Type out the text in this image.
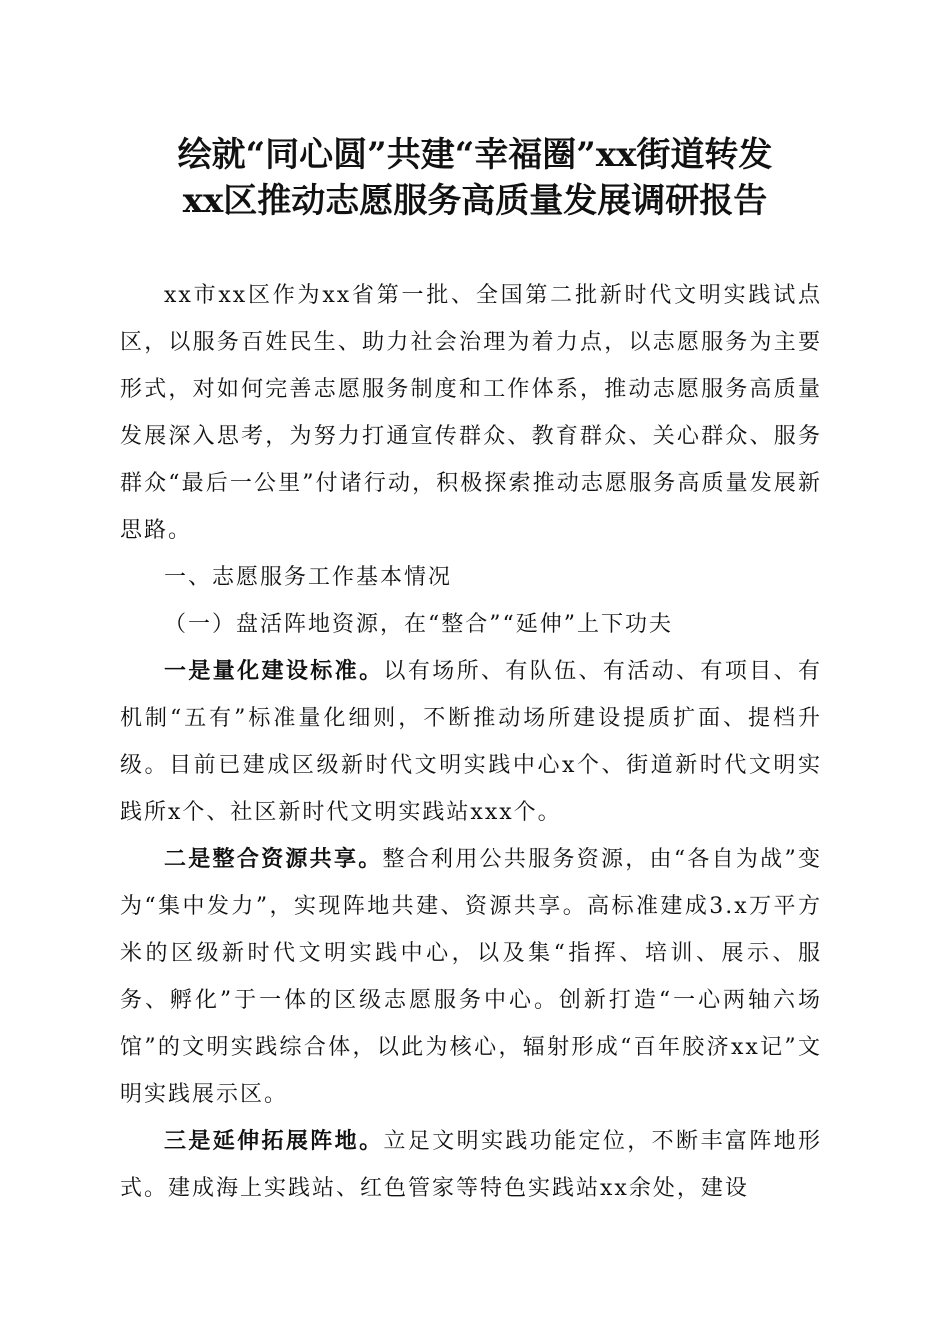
绘就“同心圆”共建“幸福圈”xx街道转发
xx区推动志愿服务高质量发展调研报告

xx市xx区作为xx省第一批、全国第二批新时代文明实践试点区，以服务百姓民生、助力社会治理为着力点，以志愿服务为主要形式，对如何完善志愿服务制度和工作体系，推动志愿服务高质量发展深入思考，为努力打通宣传群众、教育群众、关心群众、服务群众“最后一公里”付诸行动，积极探索推动志愿服务高质量发展新思路。

一、志愿服务工作基本情况

（一）盘活阵地资源，在“整合”“延伸”上下功夫

一是量化建设标准。以有场所、有队伍、有活动、有项目、有机制“五有”标准量化细则，不断推动场所建设提质扩面、提档升级。目前已建成区级新时代文明实践中心x个、街道新时代文明实践所x个、社区新时代文明实践站xxx个。

二是整合资源共享。整合利用公共服务资源，由“各自为战”变为“集中发力”，实现阵地共建、资源共享。高标准建成3.x万平方米的区级新时代文明实践中心，以及集“指挥、培训、展示、服务、孵化”于一体的区级志愿服务中心。创新打造“一心两轴六场馆”的文明实践综合体，以此为核心，辐射形成“百年胶济xx记”文明实践展示区。

三是延伸拓展阵地。立足文明实践功能定位，不断丰富阵地形式。建成海上实践站、红色管家等特色实践站xx余处，建设
